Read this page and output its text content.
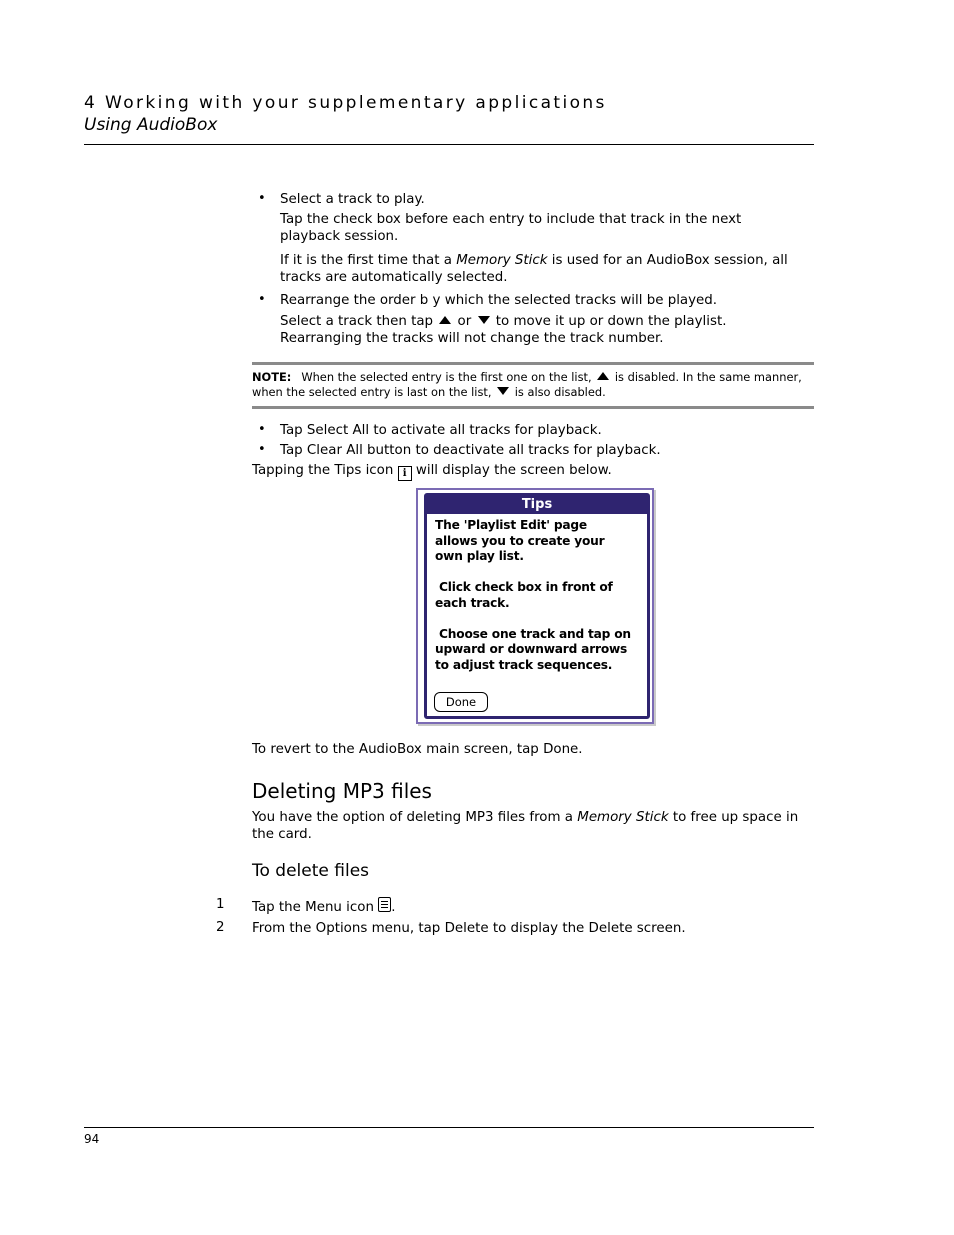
4 Working with your supplementary applications
Using AudioBox
• Select a track to play.
Tap the check box before each entry to include that track in the next playback session.
If it is the first time that a Memory Stick is used for an AudioBox session, all tracks are automatically selected.
• Rearrange the order b y which the selected tracks will be played.
Select a track then tap  or  to move it up or down the playlist. Rearranging the tracks will not change the track number.
NOTE: When the selected entry is the first one on the list, is disabled. In the same manner, when the selected entry is last on the list, is also disabled.
• Tap Select All to activate all tracks for playback.
• Tap Clear All button to deactivate all tracks for playback.
Tapping the Tips icon i will display the screen below.
Tips
The 'Playlist Edit' page
allows you to create your
own play list.

Click check box in front of
each track.

Choose one track and tap on
upward or downward arrows
to adjust track sequences.
Done
To revert to the AudioBox main screen, tap Done.
Deleting MP3 files
You have the option of deleting MP3 files from a Memory Stick to free up space in the card.
To delete files
1 Tap the Menu icon .
2 From the Options menu, tap Delete to display the Delete screen.
94
